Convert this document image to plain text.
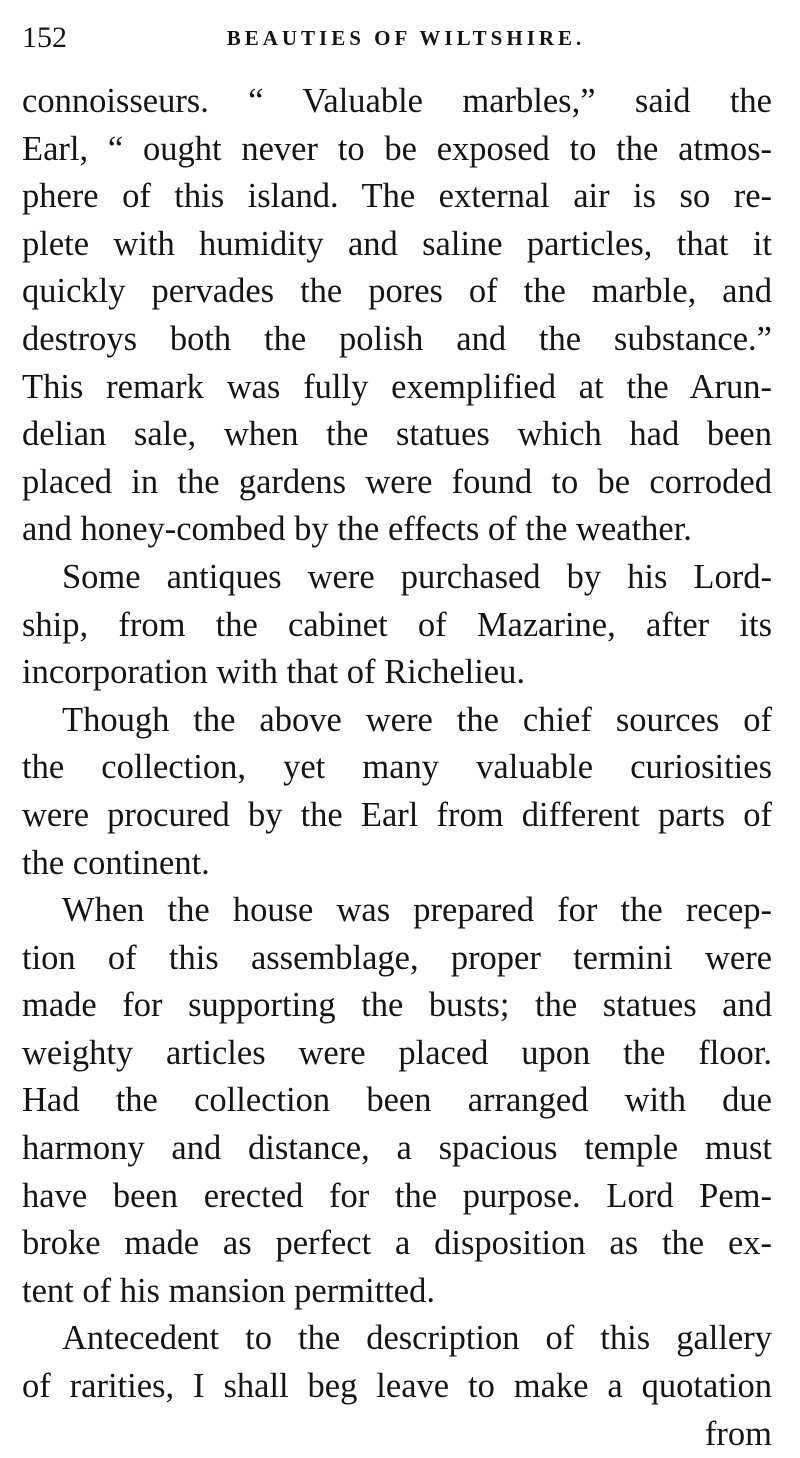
152	BEAUTIES OF WILTSHIRE.
connoisseurs. “ Valuable marbles,” said the
Earl, “ ought never to be exposed to the atmos-
phere of this island. The external air is so re-
plete with humidity and saline particles, that it
quickly pervades the pores of the marble, and
destroys both the polish and the substance.”
This remark was fully exemplified at the Arun-
delian sale, when the statues which had been
placed in the gardens were found to be corroded
and honey-combed by the effects of the weather.
Some antiques were purchased by his Lord-
ship, from the cabinet of Mazarine, after its
incorporation with that of Richelieu.
Though the above were the chief sources of
the collection, yet many valuable curiosities
were procured by the Earl from different parts of
the continent.
When the house was prepared for the recep-
tion of this assemblage, proper termini were
made for supporting the busts; the statues and
weighty articles were placed upon the floor.
Had the collection been arranged with due
harmony and distance, a spacious temple must
have been erected for the purpose. Lord Pem-
broke made as perfect a disposition as the ex-
tent of his mansion permitted.
Antecedent to the description of this gallery
of rarities, I shall beg leave to make a quotation
from
